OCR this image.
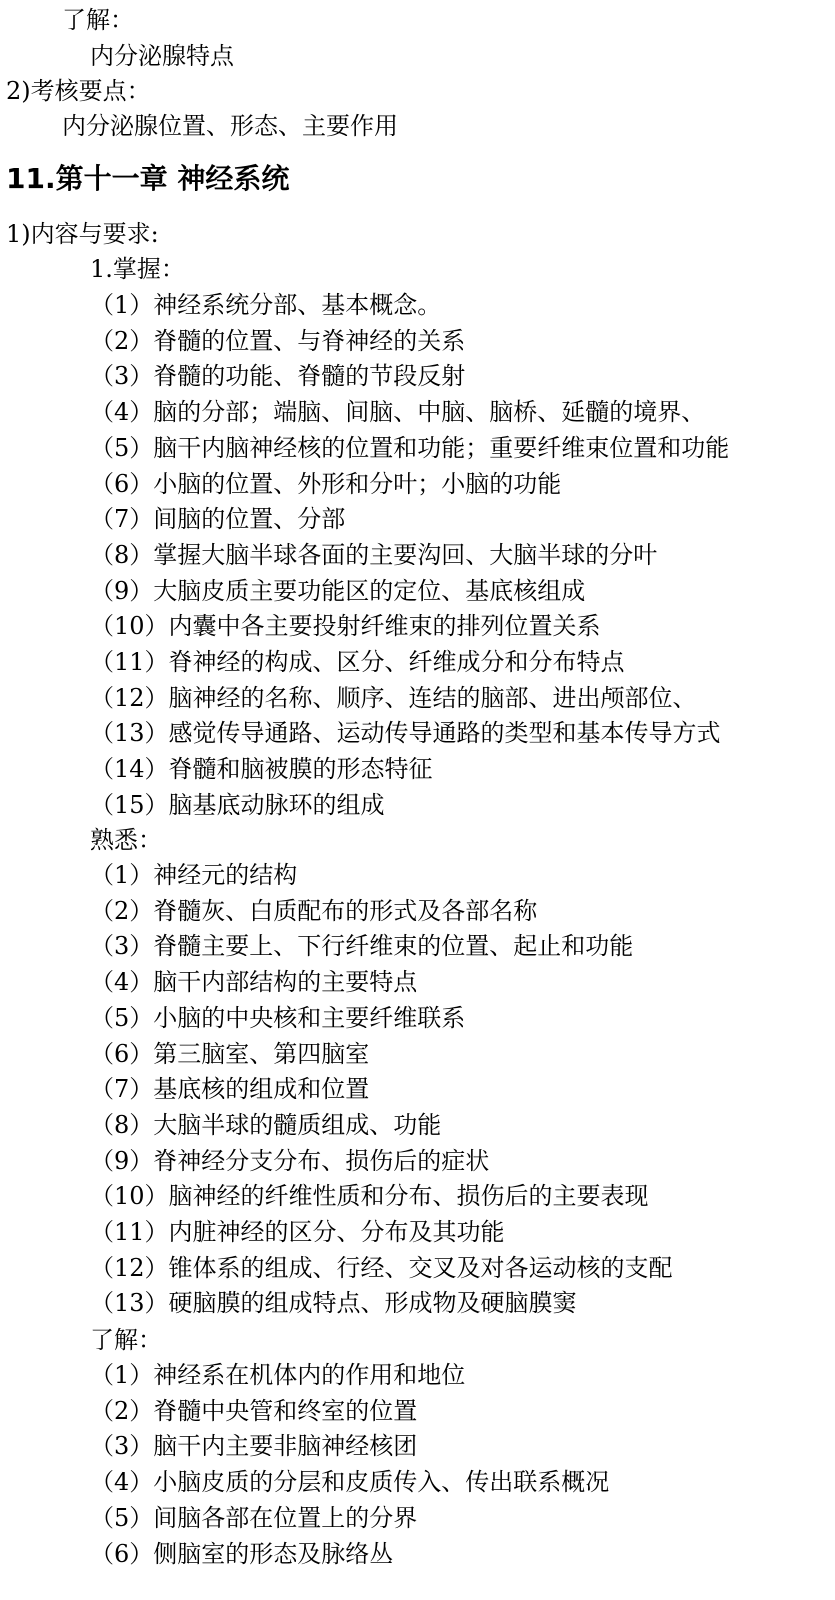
了解：
内分泌腺特点
2)考核要点：
内分泌腺位置、形态、主要作用
11.第十一章 神经系统
1)内容与要求:
1.掌握：
（1）神经系统分部、基本概念。
（2）脊髓的位置、与脊神经的关系
（3）脊髓的功能、脊髓的节段反射
（4）脑的分部；端脑、间脑、中脑、脑桥、延髓的境界、
（5）脑干内脑神经核的位置和功能；重要纤维束位置和功能
（6）小脑的位置、外形和分叶；小脑的功能
（7）间脑的位置、分部
（8）掌握大脑半球各面的主要沟回、大脑半球的分叶
（9）大脑皮质主要功能区的定位、基底核组成
（10）内囊中各主要投射纤维束的排列位置关系
（11）脊神经的构成、区分、纤维成分和分布特点
（12）脑神经的名称、顺序、连结的脑部、进出颅部位、
（13）感觉传导通路、运动传导通路的类型和基本传导方式
（14）脊髓和脑被膜的形态特征
（15）脑基底动脉环的组成
熟悉：
（1）神经元的结构
（2）脊髓灰、白质配布的形式及各部名称
（3）脊髓主要上、下行纤维束的位置、起止和功能
（4）脑干内部结构的主要特点
（5）小脑的中央核和主要纤维联系
（6）第三脑室、第四脑室
（7）基底核的组成和位置
（8）大脑半球的髓质组成、功能
（9）脊神经分支分布、损伤后的症状
（10）脑神经的纤维性质和分布、损伤后的主要表现
（11）内脏神经的区分、分布及其功能
（12）锥体系的组成、行经、交叉及对各运动核的支配
（13）硬脑膜的组成特点、形成物及硬脑膜窦
了解：
（1）神经系在机体内的作用和地位
（2）脊髓中央管和终室的位置
（3）脑干内主要非脑神经核团
（4）小脑皮质的分层和皮质传入、传出联系概况
（5）间脑各部在位置上的分界
（6）侧脑室的形态及脉络丛
